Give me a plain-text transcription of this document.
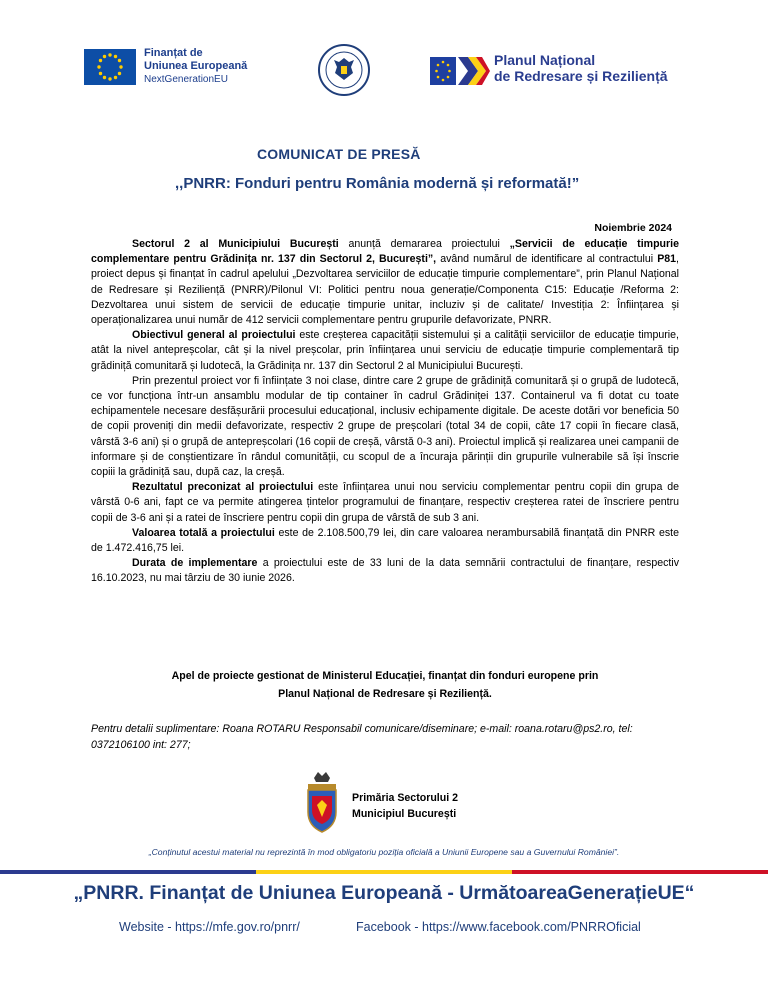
Finanțat de
Uniunea Europeană
NextGenerationEU
Planul Național
de Redresare și Reziliență
COMUNICAT DE PRESĂ
,,PNRR: Fonduri pentru România modernă și reformată!”
Noiembrie 2024

Sectorul 2 al Municipiului București anunță demararea proiectului „Servicii de educație timpurie complementare pentru Grădinița nr. 137 din Sectorul 2, București”, având numărul de identificare al contractului P81, proiect depus și finanțat în cadrul apelului „Dezvoltarea serviciilor de educație timpurie complementare”, prin Planul Național de Redresare și Reziliență (PNRR)/Pilonul VI: Politici pentru noua generație/Componenta C15: Educație /Reforma 2: Dezvoltarea unui sistem de servicii de educație timpurie unitar, incluziv și de calitate/ Investiția 2: Înființarea și operaționalizarea unui număr de 412 servicii complementare pentru grupurile defavorizate, PNRR.

Obiectivul general al proiectului este creșterea capacității sistemului și a calității serviciilor de educație timpurie, atât la nivel antepreșcolar, cât și la nivel preșcolar, prin înființarea unui serviciu de educație timpurie complementară tip grădiniță comunitară și ludotecă, la Grădinița nr. 137 din Sectorul 2 al Municipiului București.

Prin prezentul proiect vor fi înființate 3 noi clase, dintre care 2 grupe de grădiniță comunitară și o grupă de ludotecă, ce vor funcționa într-un ansamblu modular de tip container în cadrul Grădiniței 137. Containerul va fi dotat cu toate echipamentele necesare desfășurării procesului educațional, inclusiv echipamente digitale. De aceste dotări vor beneficia 50 de copii proveniți din medii defavorizate, respectiv 2 grupe de preșcolari (total 34 de copii, câte 17 copii în fiecare clasă, vârstă 3-6 ani) și o grupă de antepreșcolari (16 copii de creșă, vârstă 0-3 ani). Proiectul implică și realizarea unei campanii de informare și de conștientizare în rândul comunității, cu scopul de a încuraja părinții din grupurile vulnerabile să își înscrie copiii la grădiniță sau, după caz, la creșă.

Rezultatul preconizat al proiectului este înființarea unui nou serviciu complementar pentru copii din grupa de vârstă 0-6 ani, fapt ce va permite atingerea țintelor programului de finanțare, respectiv creșterea ratei de înscriere pentru copii de 3-6 ani și a ratei de înscriere pentru copii din grupa de vârstă de sub 3 ani.

Valoarea totală a proiectului este de 2.108.500,79 lei, din care valoarea nerambursabilă finanțată din PNRR este de 1.472.416,75 lei.

Durata de implementare a proiectului este de 33 luni de la data semnării contractului de finanțare, respectiv 16.10.2023, nu mai târziu de 30 iunie 2026.

Apel de proiecte gestionat de Ministerul Educației, finanțat din fonduri europene prin
Planul Național de Redresare și Reziliență.
Pentru detalii suplimentare: Roana ROTARU Responsabil comunicare/diseminare; e-mail: roana.rotaru@ps2.ro, tel: 0372106100 int: 277;
Primăria Sectorului 2
Municipiul București
„Conținutul acestui material nu reprezintă în mod obligatoriu poziția oficială a Uniunii Europene sau a Guvernului României”.
„PNRR. Finanțat de Uniunea Europeană - UrmătoareaGenerațieUE“
Website - https://mfe.gov.ro/pnrr/	Facebook - https://www.facebook.com/PNRROficial
